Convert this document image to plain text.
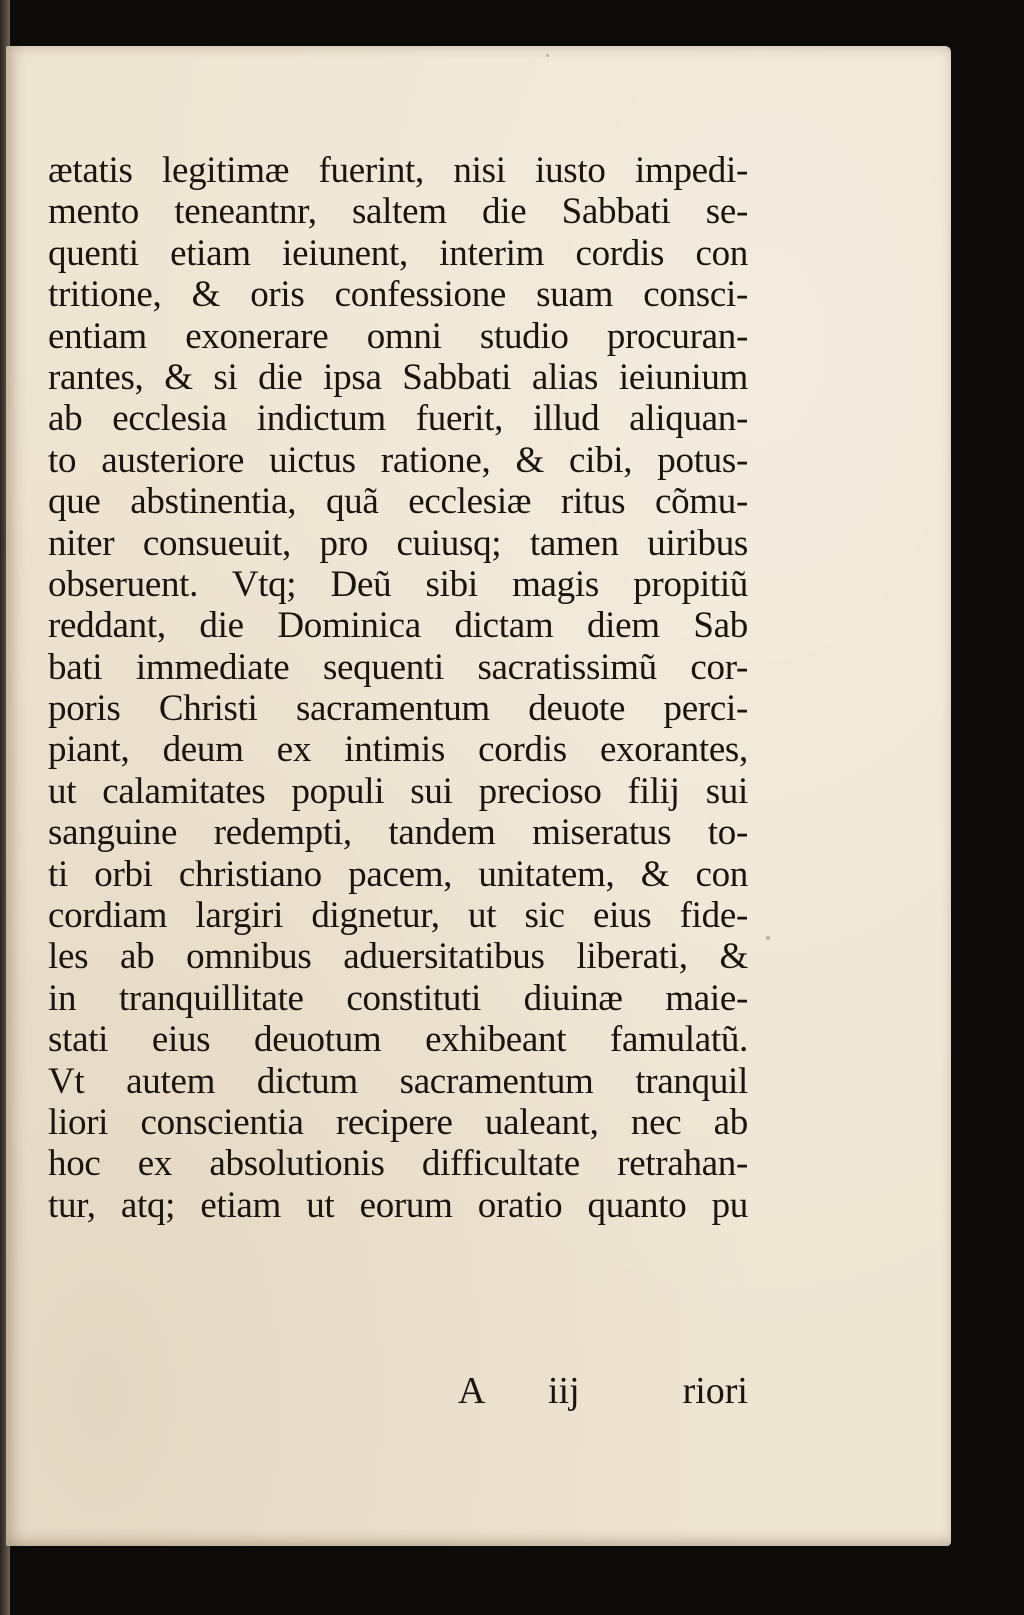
ætatis legitimæ fuerint, nisi iusto impedi-
mento teneantnr, saltem die Sabbati se-
quenti etiam ieiunent, interim cordis con
tritione, & oris confessione suam consci-
entiam exonerare omni studio procuran-
rantes, & si die ipsa Sabbati alias ieiunium
ab ecclesia indictum fuerit, illud aliquan-
to austeriore uictus ratione, & cibi, potus-
que abstinentia, quã ecclesiæ ritus cõmu-
niter consueuit, pro cuiusq; tamen uiribus
obseruent. Vtq; Deũ sibi magis propitiũ
reddant, die Dominica dictam diem Sab
bati immediate sequenti sacratissimũ cor-
poris Christi sacramentum deuote perci-
piant, deum ex intimis cordis exorantes,
ut calamitates populi sui precioso filij sui
sanguine redempti, tandem miseratus to-
ti orbi christiano pacem, unitatem, & con
cordiam largiri dignetur, ut sic eius fide-
les ab omnibus aduersitatibus liberati, &
in tranquillitate constituti diuinæ maie-
stati eius deuotum exhibeant famulatũ.
Vt autem dictum sacramentum tranquil
liori conscientia recipere ualeant, nec ab
hoc ex absolutionis difficultate retrahan-
tur, atq; etiam ut eorum oratio quanto pu
A iij	riori
